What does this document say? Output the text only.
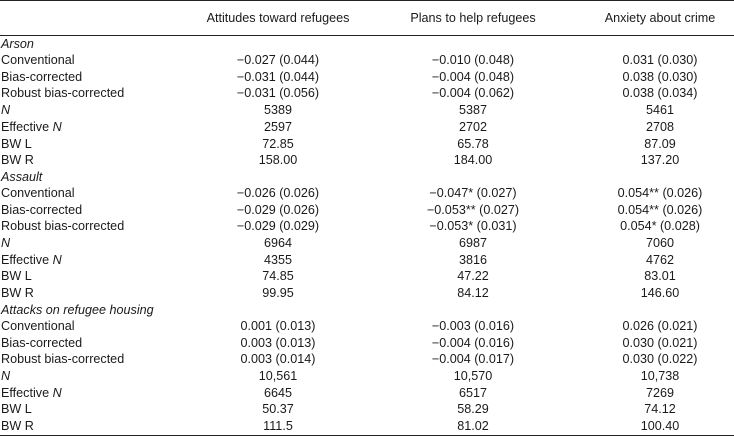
	Attitudes toward refugees	Plans to help refugees	Anxiety about crime
Arson			
Conventional	−0.027 (0.044)	−0.010 (0.048)	0.031 (0.030)
Bias-corrected	−0.031 (0.044)	−0.004 (0.048)	0.038 (0.030)
Robust bias-corrected	−0.031 (0.056)	−0.004 (0.062)	0.038 (0.034)
N	5389	5387	5461
Effective N	2597	2702	2708
BW L	72.85	65.78	87.09
BW R	158.00	184.00	137.20
Assault			
Conventional	−0.026 (0.026)	−0.047* (0.027)	0.054** (0.026)
Bias-corrected	−0.029 (0.026)	−0.053** (0.027)	0.054** (0.026)
Robust bias-corrected	−0.029 (0.029)	−0.053* (0.031)	0.054* (0.028)
N	6964	6987	7060
Effective N	4355	3816	4762
BW L	74.85	47.22	83.01
BW R	99.95	84.12	146.60
Attacks on refugee housing			
Conventional	0.001 (0.013)	−0.003 (0.016)	0.026 (0.021)
Bias-corrected	0.003 (0.013)	−0.004 (0.016)	0.030 (0.021)
Robust bias-corrected	0.003 (0.014)	−0.004 (0.017)	0.030 (0.022)
N	10,561	10,570	10,738
Effective N	6645	6517	7269
BW L	50.37	58.29	74.12
BW R	111.5	81.02	100.40
